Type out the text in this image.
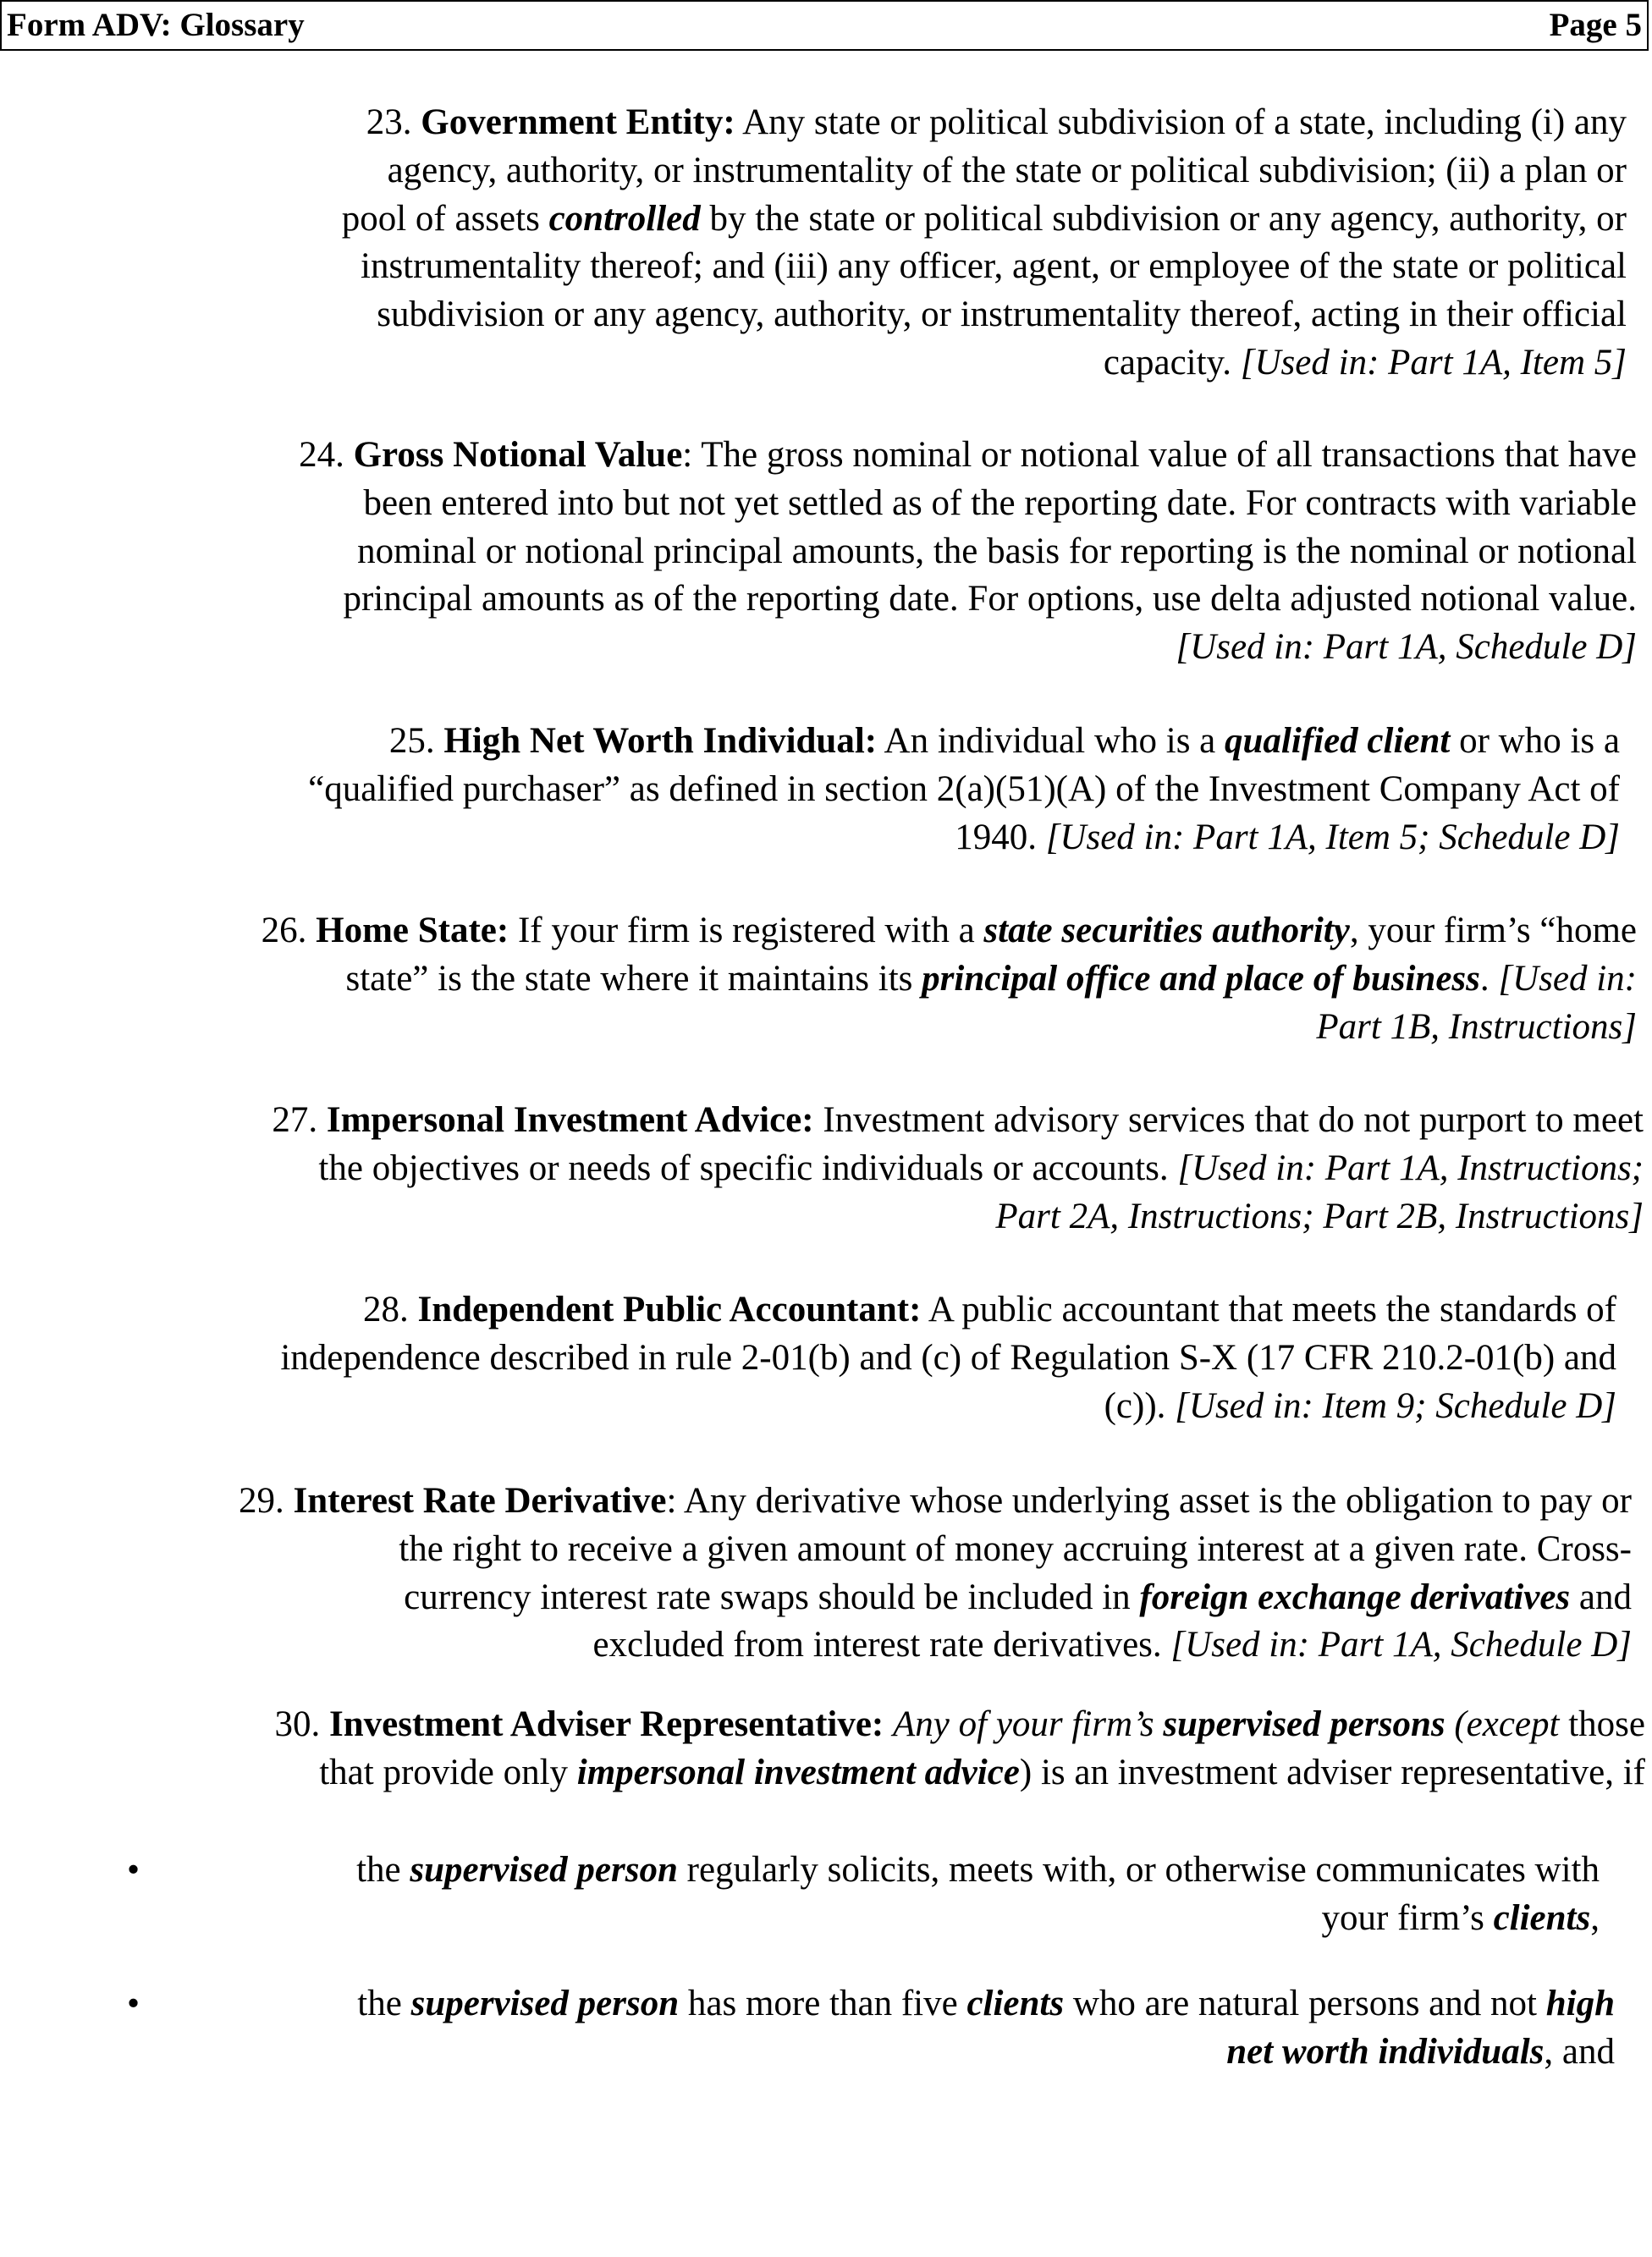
Form ADV: Glossary	Page 5
23. Government Entity: Any state or political subdivision of a state, including (i) any
agency, authority, or instrumentality of the state or political subdivision; (ii) a plan or
pool of assets controlled by the state or political subdivision or any agency, authority, or
instrumentality thereof; and (iii) any officer, agent, or employee of the state or political
subdivision or any agency, authority, or instrumentality thereof, acting in their official
capacity. [Used in: Part 1A, Item 5]
24. Gross Notional Value: The gross nominal or notional value of all transactions that have
been entered into but not yet settled as of the reporting date. For contracts with variable
nominal or notional principal amounts, the basis for reporting is the nominal or notional
principal amounts as of the reporting date. For options, use delta adjusted notional value.
[Used in: Part 1A, Schedule D]
25. High Net Worth Individual: An individual who is a qualified client or who is a
“qualified purchaser” as defined in section 2(a)(51)(A) of the Investment Company Act of
1940. [Used in: Part 1A, Item 5; Schedule D]
26. Home State: If your firm is registered with a state securities authority, your firm’s “home
state” is the state where it maintains its principal office and place of business. [Used in:
Part 1B, Instructions]
27. Impersonal Investment Advice: Investment advisory services that do not purport to meet
the objectives or needs of specific individuals or accounts. [Used in: Part 1A, Instructions;
Part 2A, Instructions; Part 2B, Instructions]
28. Independent Public Accountant: A public accountant that meets the standards of
independence described in rule 2-01(b) and (c) of Regulation S-X (17 CFR 210.2-01(b) and
(c)). [Used in: Item 9; Schedule D]
29. Interest Rate Derivative: Any derivative whose underlying asset is the obligation to pay or
the right to receive a given amount of money accruing interest at a given rate. Cross-
currency interest rate swaps should be included in foreign exchange derivatives and
excluded from interest rate derivatives. [Used in: Part 1A, Schedule D]
30. Investment Adviser Representative: Any of your firm’s supervised persons (except those
that provide only impersonal investment advice) is an investment adviser representative, if
•	the supervised person regularly solicits, meets with, or otherwise communicates with
your firm’s clients,
•	the supervised person has more than five clients who are natural persons and not high
net worth individuals, and
